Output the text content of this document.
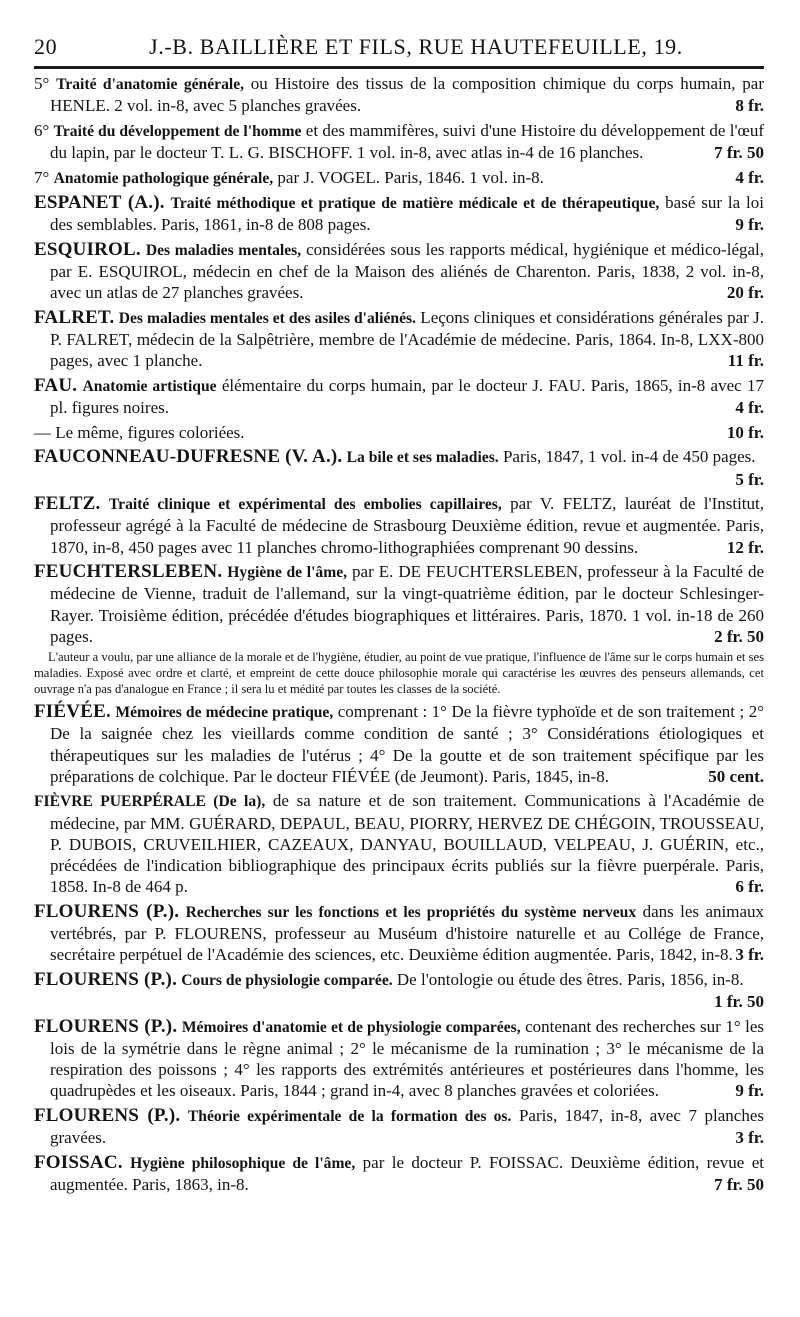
20	J.-B. BAILLIÈRE ET FILS, RUE HAUTEFEUILLE, 19.
5° Traité d'anatomie générale, ou Histoire des tissus de la composition chimique du corps humain, par HENLE. 2 vol. in-8, avec 5 planches gravées.	8 fr.
6° Traité du développement de l'homme et des mammifères, suivi d'une Histoire du développement de l'œuf du lapin, par le docteur T. L. G. BISCHOFF. 1 vol. in-8, avec atlas in-4 de 16 planches.	7 fr. 50
7° Anatomie pathologique générale, par J. VOGEL. Paris, 1846. 1 vol. in-8.	4 fr.
ESPANET (A.). Traité méthodique et pratique de matière médicale et de thérapeutique, basé sur la loi des semblables. Paris, 1861, in-8 de 808 pages.	9 fr.
ESQUIROL. Des maladies mentales, considérées sous les rapports médical, hygiénique et médico-légal, par E. ESQUIROL, médecin en chef de la Maison des aliénés de Charenton. Paris, 1838, 2 vol. in-8, avec un atlas de 27 planches gravées.	20 fr.
FALRET. Des maladies mentales et des asiles d'aliénés. Leçons cliniques et considérations générales par J. P. FALRET, médecin de la Salpêtrière, membre de l'Académie de médecine. Paris, 1864. In-8, LXX-800 pages, avec 1 planche.	11 fr.
FAU. Anatomie artistique élémentaire du corps humain, par le docteur J. FAU. Paris, 1865, in-8 avec 17 pl. figures noires.	4 fr.
— Le même, figures coloriées.	10 fr.
FAUCONNEAU-DUFRESNE (V. A.). La bile et ses maladies. Paris, 1847, 1 vol. in-4 de 450 pages.
5 fr.
FELTZ. Traité clinique et expérimental des embolies capillaires, par V. FELTZ, lauréat de l'Institut, professeur agrégé à la Faculté de médecine de Strasbourg Deuxième édition, revue et augmentée. Paris, 1870, in-8, 450 pages avec 11 planches chromo-lithographiées comprenant 90 dessins.	12 fr.
FEUCHTERSLEBEN. Hygiène de l'âme, par E. DE FEUCHTERSLEBEN, professeur à la Faculté de médecine de Vienne, traduit de l'allemand, sur la vingt-quatrième édition, par le docteur Schlesinger-Rayer. Troisième édition, précédée d'études biographiques et littéraires. Paris, 1870. 1 vol. in-18 de 260 pages.	2 fr. 50
L'auteur a voulu, par une alliance de la morale et de l'hygiène, étudier, au point de vue pratique, l'influence de l'âme sur le corps humain et ses maladies. Exposé avec ordre et clarté, et empreint de cette douce philosophie morale qui caractérise les œuvres des penseurs allemands, cet ouvrage n'a pas d'analogue en France ; il sera lu et médité par toutes les classes de la société.
FIÉVÉE. Mémoires de médecine pratique, comprenant : 1° De la fièvre typhoïde et de son traitement ; 2° De la saignée chez les vieillards comme condition de santé ; 3° Considérations étiologiques et thérapeutiques sur les maladies de l'utérus ; 4° De la goutte et de son traitement spécifique par les préparations de colchique. Par le docteur FIÉVÉE (de Jeumont). Paris, 1845, in-8.	50 cent.
FIÈVRE PUERPÉRALE (De la), de sa nature et de son traitement. Communications à l'Académie de médecine, par MM. GUÉRARD, DEPAUL, BEAU, PIORRY, HERVEZ DE CHÉGOIN, TROUSSEAU, P. DUBOIS, CRUVEILHIER, CAZEAUX, DANYAU, BOUILLAUD, VELPEAU, J. GUÉRIN, etc., précédées de l'indication bibliographique des principaux écrits publiés sur la fièvre puerpérale. Paris, 1858. In-8 de 464 p.	6 fr.
FLOURENS (P.). Recherches sur les fonctions et les propriétés du système nerveux dans les animaux vertébrés, par P. FLOURENS, professeur au Muséum d'histoire naturelle et au Collége de France, secrétaire perpétuel de l'Académie des sciences, etc. Deuxième édition augmentée. Paris, 1842, in-8. 3 fr.
FLOURENS (P.). Cours de physiologie comparée. De l'ontologie ou étude des êtres. Paris, 1856, in-8.
1 fr. 50
FLOURENS (P.). Mémoires d'anatomie et de physiologie comparées, contenant des recherches sur 1° les lois de la symétrie dans le règne animal ; 2° le mécanisme de la rumination ; 3° le mécanisme de la respiration des poissons ; 4° les rapports des extrémités antérieures et postérieures dans l'homme, les quadrupèdes et les oiseaux. Paris, 1844 ; grand in-4, avec 8 planches gravées et coloriées.	9 fr.
FLOURENS (P.). Théorie expérimentale de la formation des os. Paris, 1847, in-8, avec 7 planches gravées.	3 fr.
FOISSAC. Hygiène philosophique de l'âme, par le docteur P. FOISSAC. Deuxième édition, revue et augmentée. Paris, 1863, in-8.	7 fr. 50
